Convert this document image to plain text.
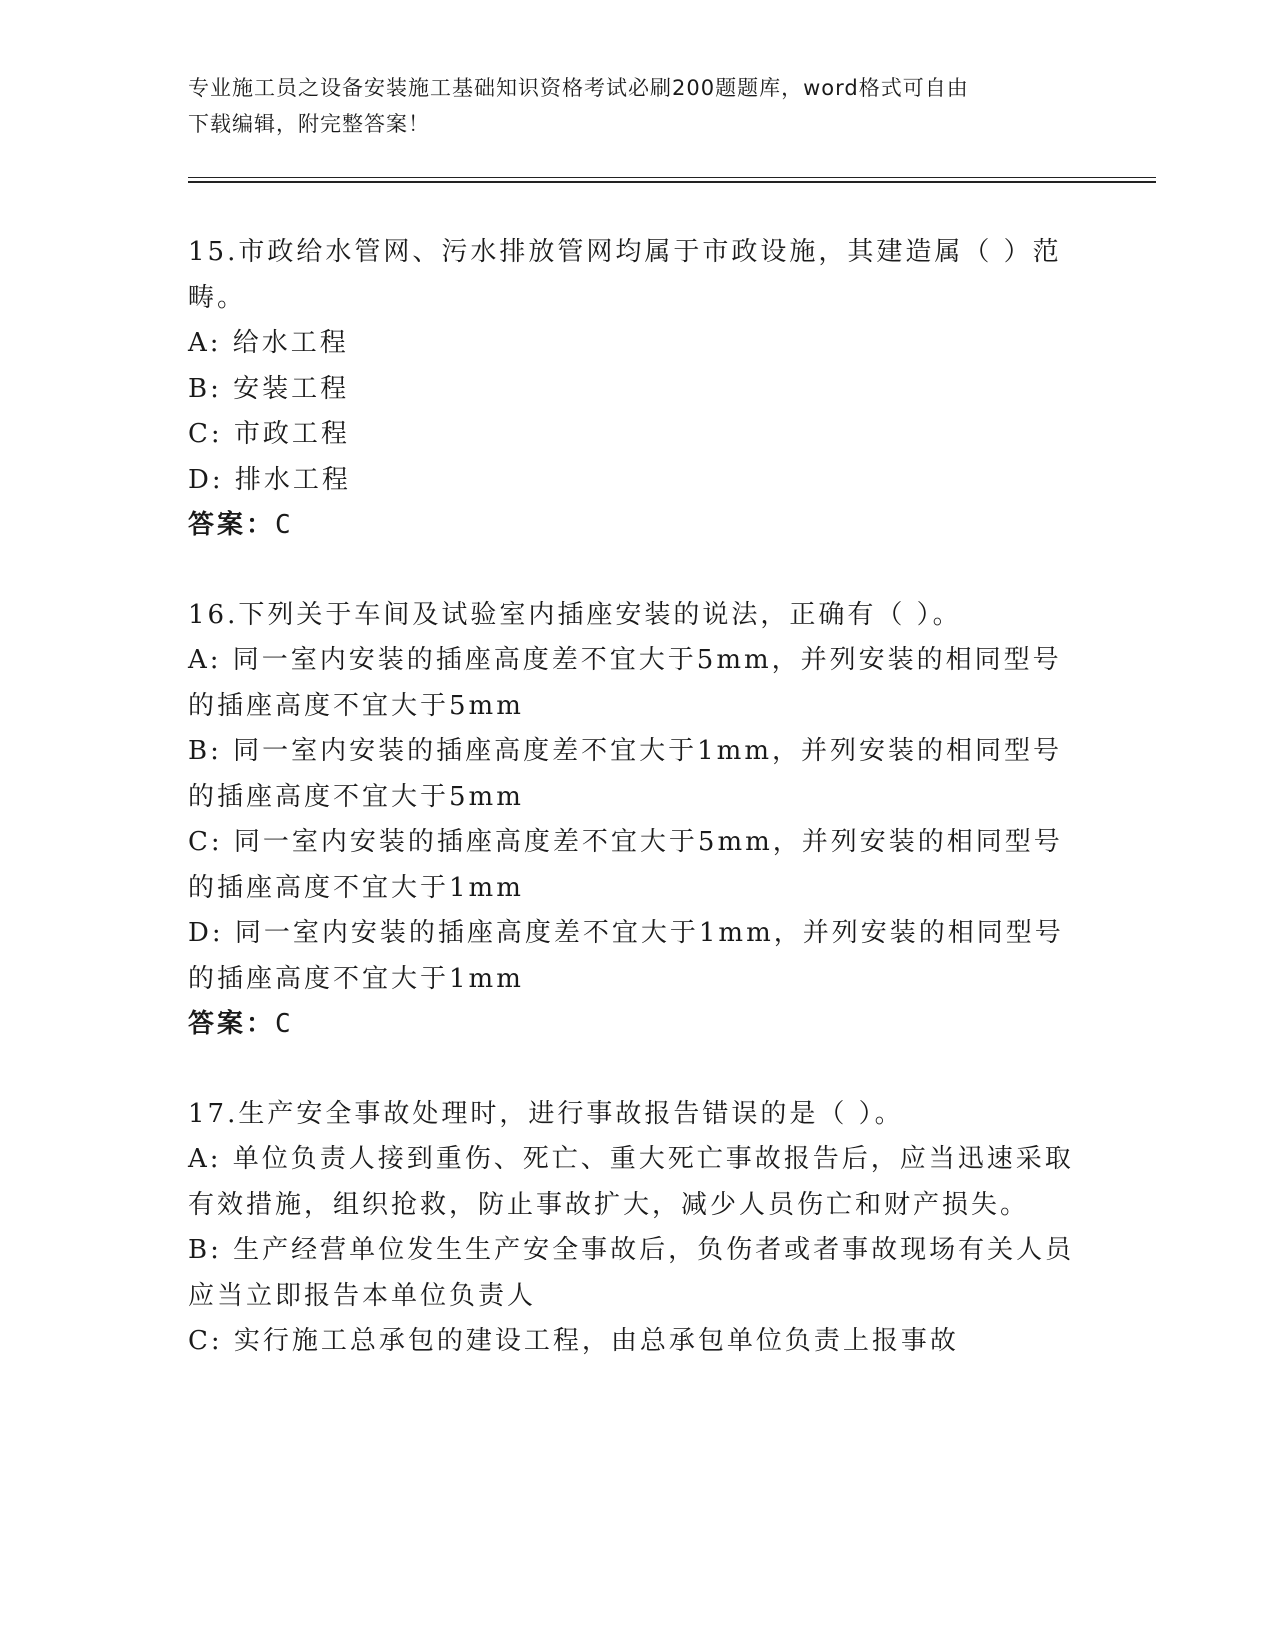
专业施工员之设备安装施工基础知识资格考试必刷200题题库，word格式可自由
下载编辑，附完整答案！
15.市政给水管网、污水排放管网均属于市政设施，其建造属（ ）范畴。
A: 给水工程
B: 安装工程
C: 市政工程
D: 排水工程
答案：C
16.下列关于车间及试验室内插座安装的说法，正确有（ ）。
A: 同一室内安装的插座高度差不宜大于5mm，并列安装的相同型号的插座高度不宜大于5mm
B: 同一室内安装的插座高度差不宜大于1mm，并列安装的相同型号的插座高度不宜大于5mm
C: 同一室内安装的插座高度差不宜大于5mm，并列安装的相同型号的插座高度不宜大于1mm
D: 同一室内安装的插座高度差不宜大于1mm，并列安装的相同型号的插座高度不宜大于1mm
答案：C
17.生产安全事故处理时，进行事故报告错误的是（ ）。
A: 单位负责人接到重伤、死亡、重大死亡事故报告后，应当迅速采取有效措施，组织抢救，防止事故扩大，减少人员伤亡和财产损失。
B: 生产经营单位发生生产安全事故后，负伤者或者事故现场有关人员应当立即报告本单位负责人
C: 实行施工总承包的建设工程，由总承包单位负责上报事故
